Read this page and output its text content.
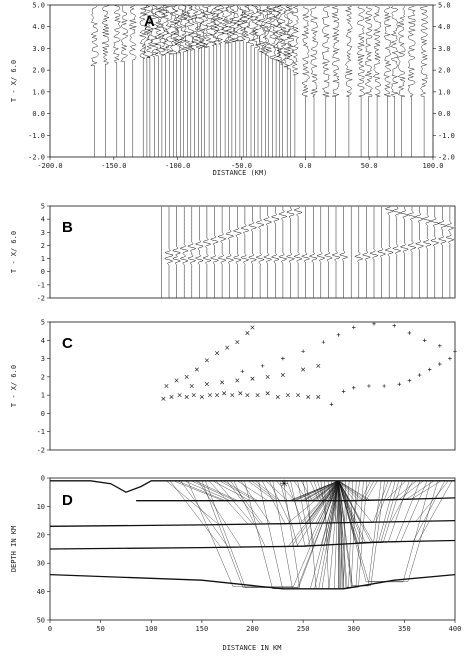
5.0
4.0
3.0
2.0
1.0
0.0
-1.0
-2.0
5.0
4.0
3.0
2.0
1.0
0.0
-1.0
-2.0
-200.0	-150.0	-100.0	-50.0	0.0	50.0	100.0
T - X/ 6.0
DISTANCE (KM)
A
5
4
3
2
1
0
-1
-2
T - X/ 6.0
B
5
4
3
2
1
0
-1
-2
T - X/ 6.0
C
0
10
20
30
40
50
0	50	100	150	200	250	300	350	400
DEPTH IN KM
DISTANCE IN KM
D
✳
